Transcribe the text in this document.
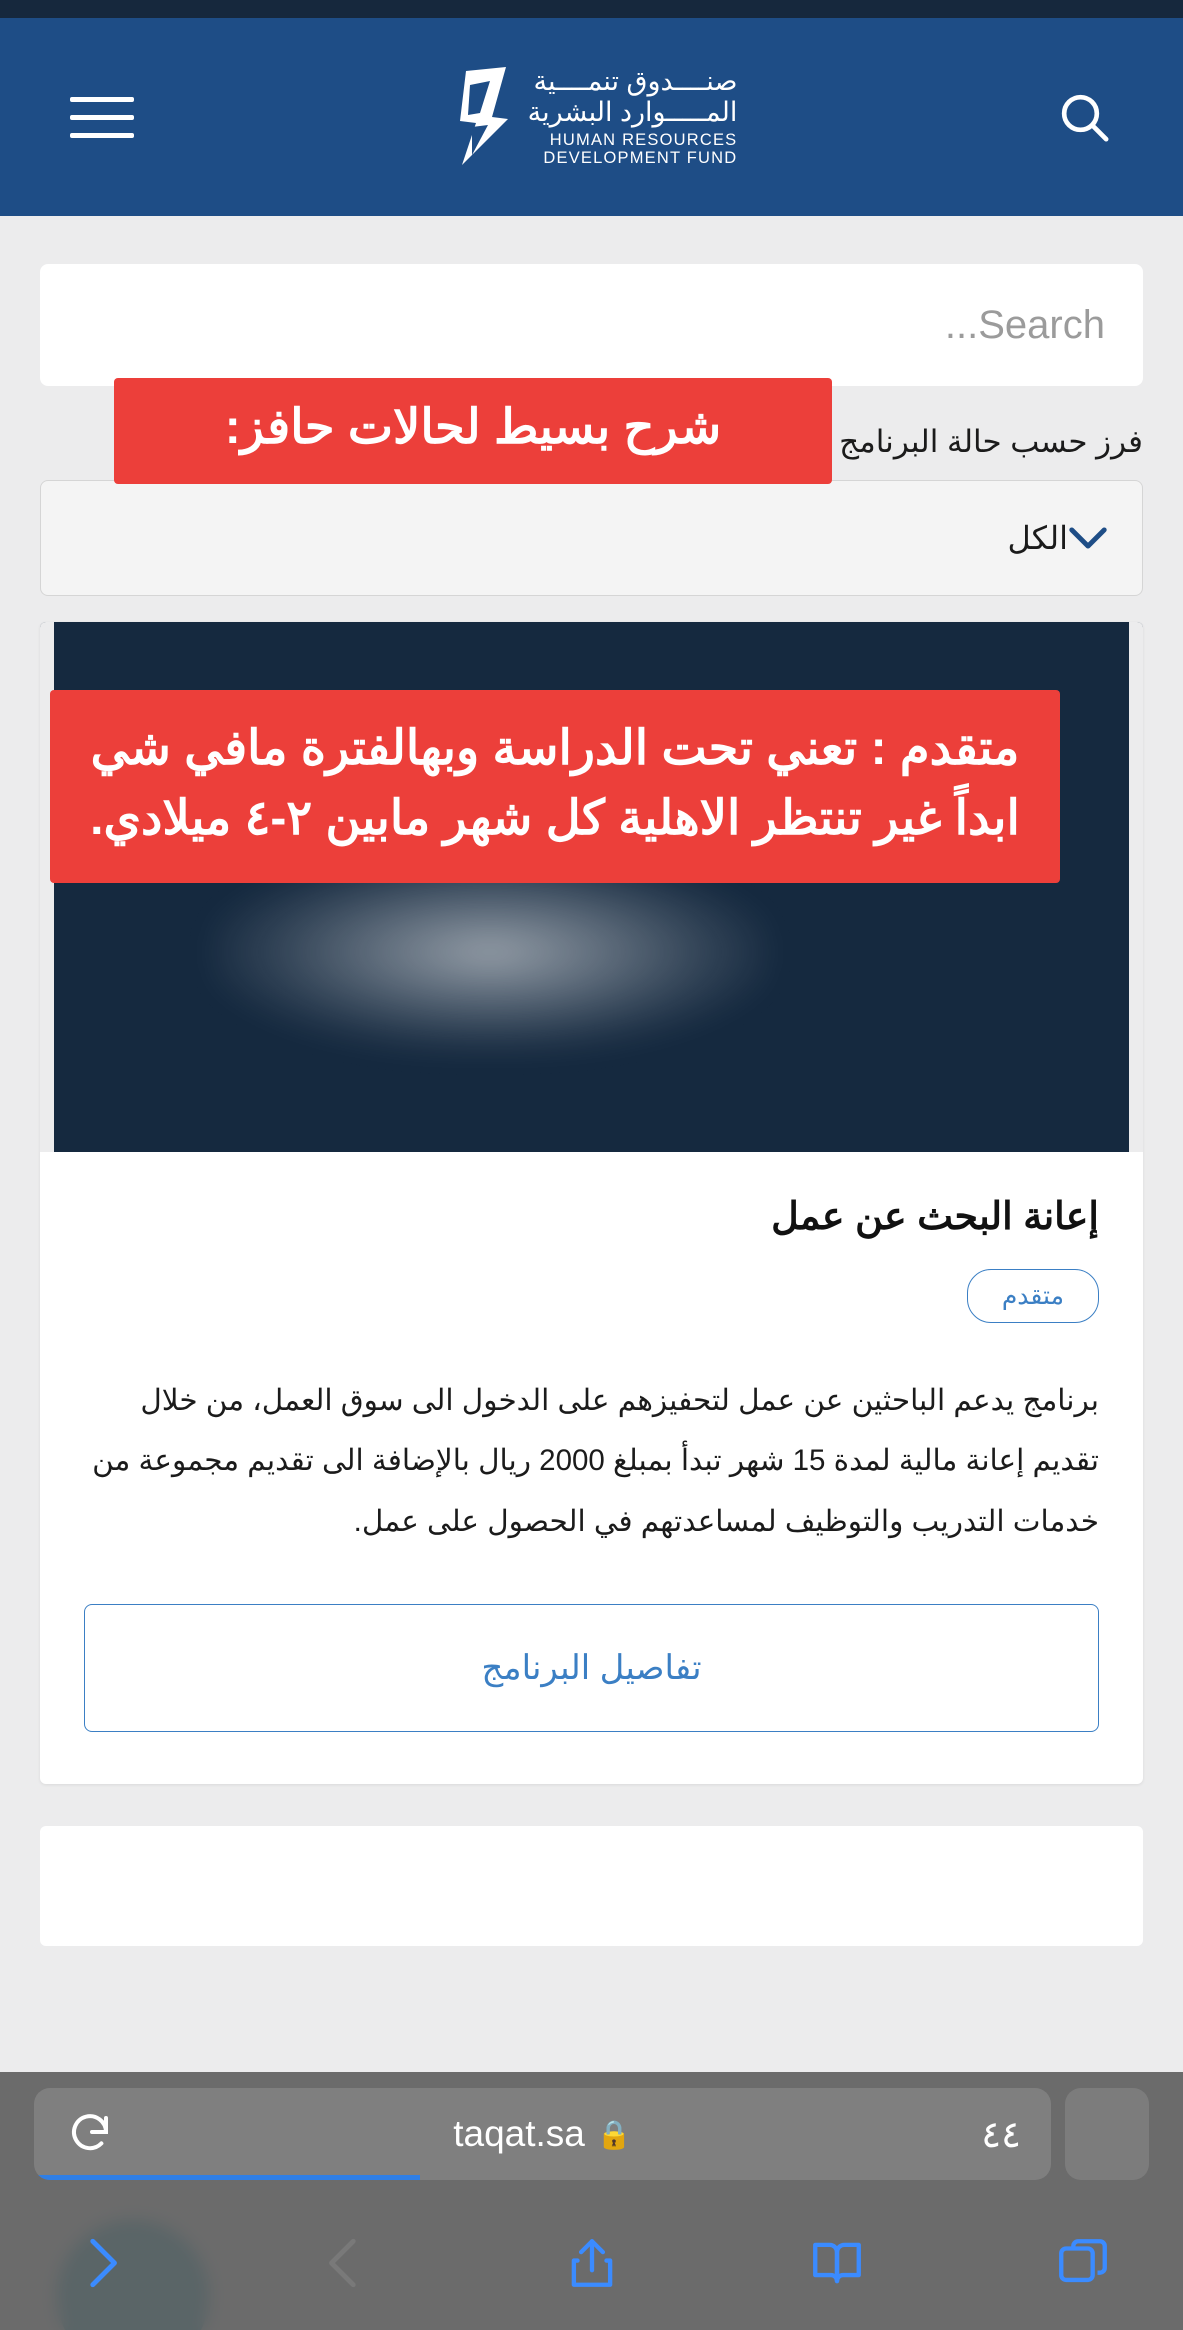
صنــــدوق تنمــــية
المـــــوارد البشرية
HUMAN RESOURCES
DEVELOPMENT FUND
Search...
فرز حسب حالة البرنامج
الكل
إعانة البحث عن عمل
متقدم
برنامج يدعم الباحثين عن عمل لتحفيزهم على الدخول الى سوق العمل، من خلال تقديم إعانة مالية لمدة 15 شهر تبدأ بمبلغ 2000 ريال بالإضافة الى تقديم مجموعة من خدمات التدريب والتوظيف لمساعدتهم في الحصول على عمل.
تفاصيل البرنامج
شرح بسيط لحالات حافز:
متقدم : تعني تحت الدراسة وبهالفترة مافي شي ابداً غير تنتظر الاهلية كل شهر مابين ٢-٤ ميلادي.
٤٤
taqat.sa 🔒
